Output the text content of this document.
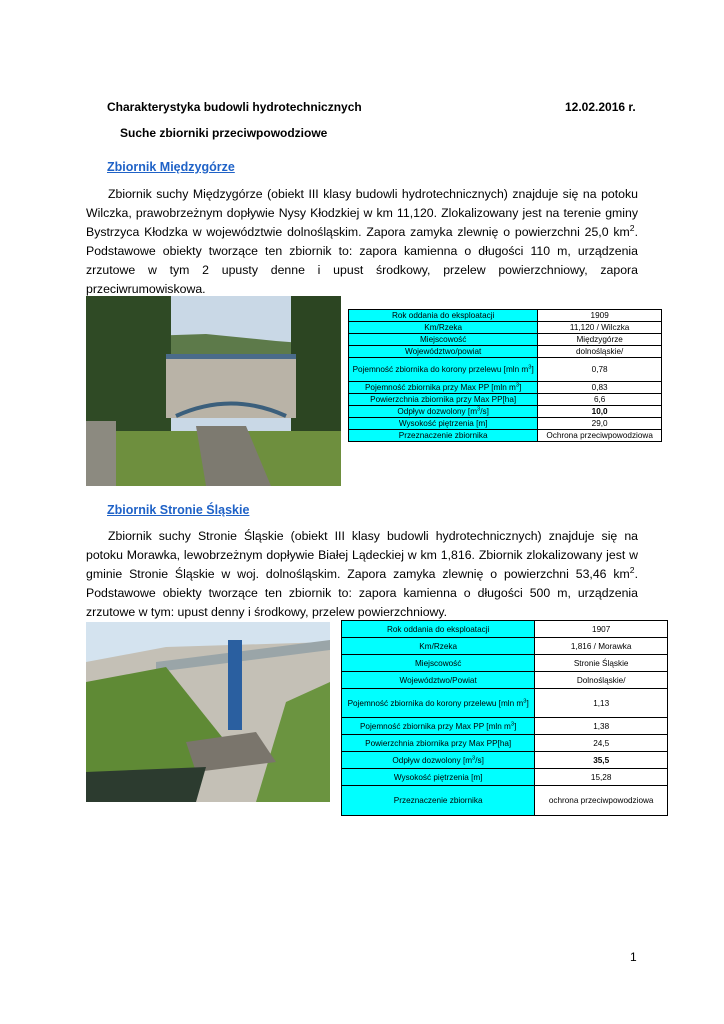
Charakterystyka budowli hydrotechnicznych	12.02.2016 r.
Suche zbiorniki przeciwpowodziowe
Zbiornik Międzygórze

Zbiornik suchy Międzygórze (obiekt III klasy budowli hydrotechnicznych) znajduje się na potoku Wilczka, prawobrzeżnym dopływie Nysy Kłodzkiej w km 11,120. Zlokalizowany jest na terenie gminy Bystrzyca Kłodzka w województwie dolnośląskim. Zapora zamyka zlewnię o powierzchni 25,0 $km^2$. Podstawowe obiekty tworzące ten zbiornik to: zapora kamienna o długości 110 m, urządzenia zrzutowe w tym 2 upusty denne i upust środkowy, przelew powierzchniowy, zapora przeciwrumowiskowa.

Rok oddania do eksploatacji	1909
Km/Rzeka	11,120 / Wilczka
Miejscowość	Międzygórze
Województwo/powiat	dolnośląskie/
Pojemność zbiornika do korony przelewu [mln $m^3$]	0,78
Pojemność zbiornika przy Max PP [mln $m^3$]	0,83
Powierzchnia zbiornika przy Max PP[ha]	6,6
Odpływ dozwolony $[m^3/s]$	10,0
Wysokość piętrzenia [m]	29,0
Przeznaczenie zbiornika	Ochrona przeciwpowodziowa
Zbiornik Stronie Śląskie

Zbiornik suchy Stronie Śląskie (obiekt III klasy budowli hydrotechnicznych) znajduje się na potoku Morawka, lewobrzeżnym dopływie Białej Lądeckiej w km 1,816. Zbiornik zlokalizowany jest w gminie Stronie Śląskie w woj. dolnośląskim. Zapora zamyka zlewnię o powierzchni 53,46 $km^2$. Podstawowe obiekty tworzące ten zbiornik to: zapora kamienna o długości 500 m, urządzenia zrzutowe w tym: upust denny i środkowy, przelew powierzchniowy.

Rok oddania do eksploatacji	1907
Km/Rzeka	1,816 / Morawka
Miejscowość	Stronie Śląskie
Województwo/Powiat	Dolnośląskie/
Pojemność zbiornika do korony przelewu [mln $m^3$]	1,13
Pojemność zbiornika przy Max PP [mln $m^3$]	1,38
Powierzchnia zbiornika przy Max PP[ha]	24,5
Odpływ dozwolony $[m^3/s]$	35,5
Wysokość piętrzenia [m]	15,28
Przeznaczenie zbiornika	ochrona przeciwpowodziowa
1
